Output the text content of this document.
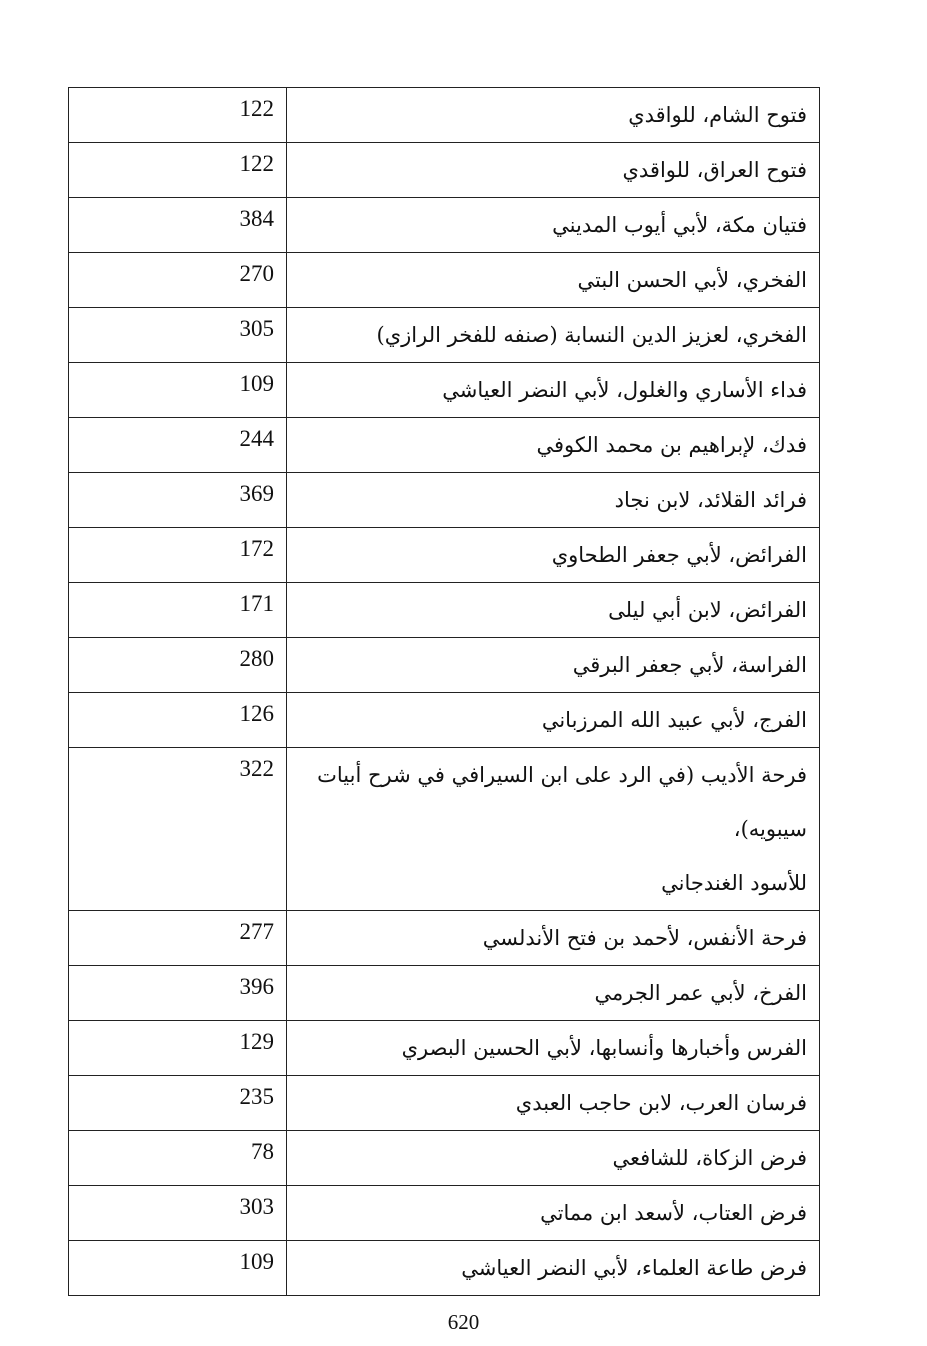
122	فتوح الشام، للواقدي
122	فتوح العراق، للواقدي
384	فتيان مكة، لأبي أيوب المديني
270	الفخري، لأبي الحسن البتي
305	الفخري، لعزيز الدين النسابة (صنفه للفخر الرازي)
109	فداء الأساري والغلول، لأبي النضر العياشي
244	فدك، لإبراهيم بن محمد الكوفي
369	فرائد القلائد، لابن نجاد
172	الفرائض، لأبي جعفر الطحاوي
171	الفرائض، لابن أبي ليلى
280	الفراسة، لأبي جعفر البرقي
126	الفرج، لأبي عبيد الله المرزباني
322	فرحة الأديب (في الرد على ابن السيرافي في شرح أبيات سيبويه)،
للأسود الغندجاني

277	فرحة الأنفس، لأحمد بن فتح الأندلسي
396	الفرخ، لأبي عمر الجرمي
129	الفرس وأخبارها وأنسابها، لأبي الحسين البصري
235	فرسان العرب، لابن حاجب العبدي
78	فرض الزكاة، للشافعي
303	فرض العتاب، لأسعد ابن مماتي
109	فرض طاعة العلماء، لأبي النضر العياشي
620
